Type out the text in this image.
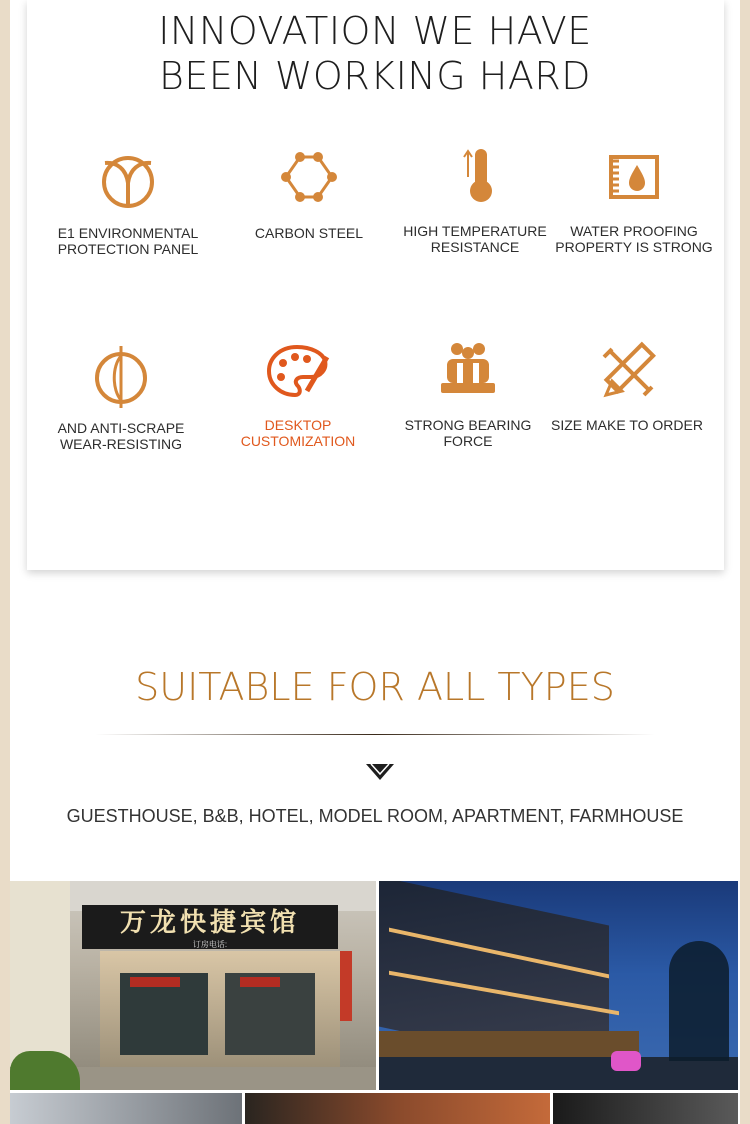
INNOVATION WE HAVE
BEEN WORKING HARD
E1 ENVIRONMENTAL
PROTECTION PANEL
CARBON STEEL	HIGH TEMPERATURE
RESISTANCE
WATER PROOFING
PROPERTY IS STRONG
AND ANTI-SCRAPE
WEAR-RESISTING
DESKTOP
CUSTOMIZATION
STRONG BEARING
FORCE
SIZE MAKE TO ORDER
SUITABLE FOR ALL TYPES
GUESTHOUSE, B&B, HOTEL, MODEL ROOM, APARTMENT, FARMHOUSE
万龙快捷宾馆
订房电话:
